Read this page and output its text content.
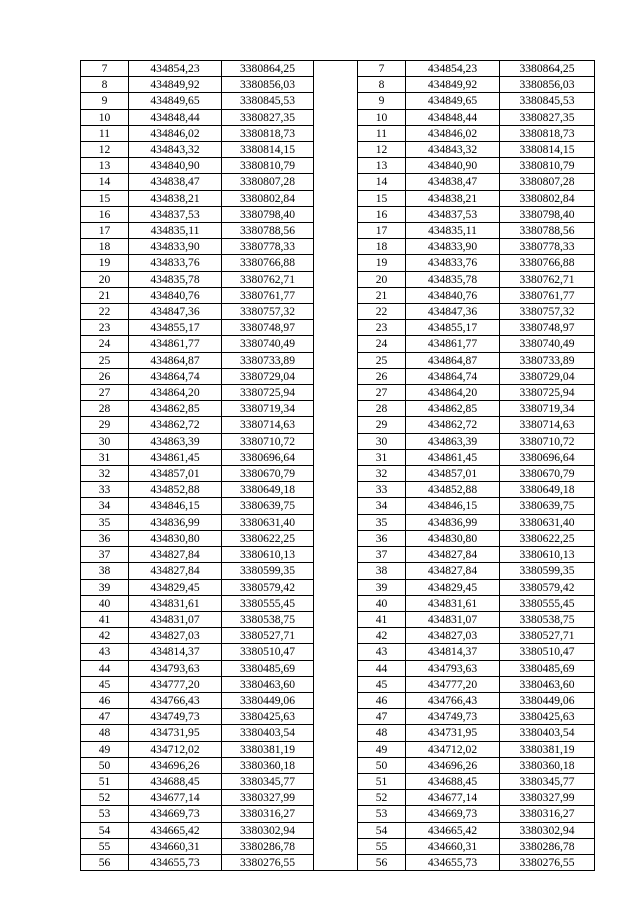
7	434854,23	3380864,25		7	434854,23	3380864,25
8	434849,92	3380856,03		8	434849,92	3380856,03
9	434849,65	3380845,53		9	434849,65	3380845,53
10	434848,44	3380827,35		10	434848,44	3380827,35
11	434846,02	3380818,73		11	434846,02	3380818,73
12	434843,32	3380814,15		12	434843,32	3380814,15
13	434840,90	3380810,79		13	434840,90	3380810,79
14	434838,47	3380807,28		14	434838,47	3380807,28
15	434838,21	3380802,84		15	434838,21	3380802,84
16	434837,53	3380798,40		16	434837,53	3380798,40
17	434835,11	3380788,56		17	434835,11	3380788,56
18	434833,90	3380778,33		18	434833,90	3380778,33
19	434833,76	3380766,88		19	434833,76	3380766,88
20	434835,78	3380762,71		20	434835,78	3380762,71
21	434840,76	3380761,77		21	434840,76	3380761,77
22	434847,36	3380757,32		22	434847,36	3380757,32
23	434855,17	3380748,97		23	434855,17	3380748,97
24	434861,77	3380740,49		24	434861,77	3380740,49
25	434864,87	3380733,89		25	434864,87	3380733,89
26	434864,74	3380729,04		26	434864,74	3380729,04
27	434864,20	3380725,94		27	434864,20	3380725,94
28	434862,85	3380719,34		28	434862,85	3380719,34
29	434862,72	3380714,63		29	434862,72	3380714,63
30	434863,39	3380710,72		30	434863,39	3380710,72
31	434861,45	3380696,64		31	434861,45	3380696,64
32	434857,01	3380670,79		32	434857,01	3380670,79
33	434852,88	3380649,18		33	434852,88	3380649,18
34	434846,15	3380639,75		34	434846,15	3380639,75
35	434836,99	3380631,40		35	434836,99	3380631,40
36	434830,80	3380622,25		36	434830,80	3380622,25
37	434827,84	3380610,13		37	434827,84	3380610,13
38	434827,84	3380599,35		38	434827,84	3380599,35
39	434829,45	3380579,42		39	434829,45	3380579,42
40	434831,61	3380555,45		40	434831,61	3380555,45
41	434831,07	3380538,75		41	434831,07	3380538,75
42	434827,03	3380527,71		42	434827,03	3380527,71
43	434814,37	3380510,47		43	434814,37	3380510,47
44	434793,63	3380485,69		44	434793,63	3380485,69
45	434777,20	3380463,60		45	434777,20	3380463,60
46	434766,43	3380449,06		46	434766,43	3380449,06
47	434749,73	3380425,63		47	434749,73	3380425,63
48	434731,95	3380403,54		48	434731,95	3380403,54
49	434712,02	3380381,19		49	434712,02	3380381,19
50	434696,26	3380360,18		50	434696,26	3380360,18
51	434688,45	3380345,77		51	434688,45	3380345,77
52	434677,14	3380327,99		52	434677,14	3380327,99
53	434669,73	3380316,27		53	434669,73	3380316,27
54	434665,42	3380302,94		54	434665,42	3380302,94
55	434660,31	3380286,78		55	434660,31	3380286,78
56	434655,73	3380276,55		56	434655,73	3380276,55
